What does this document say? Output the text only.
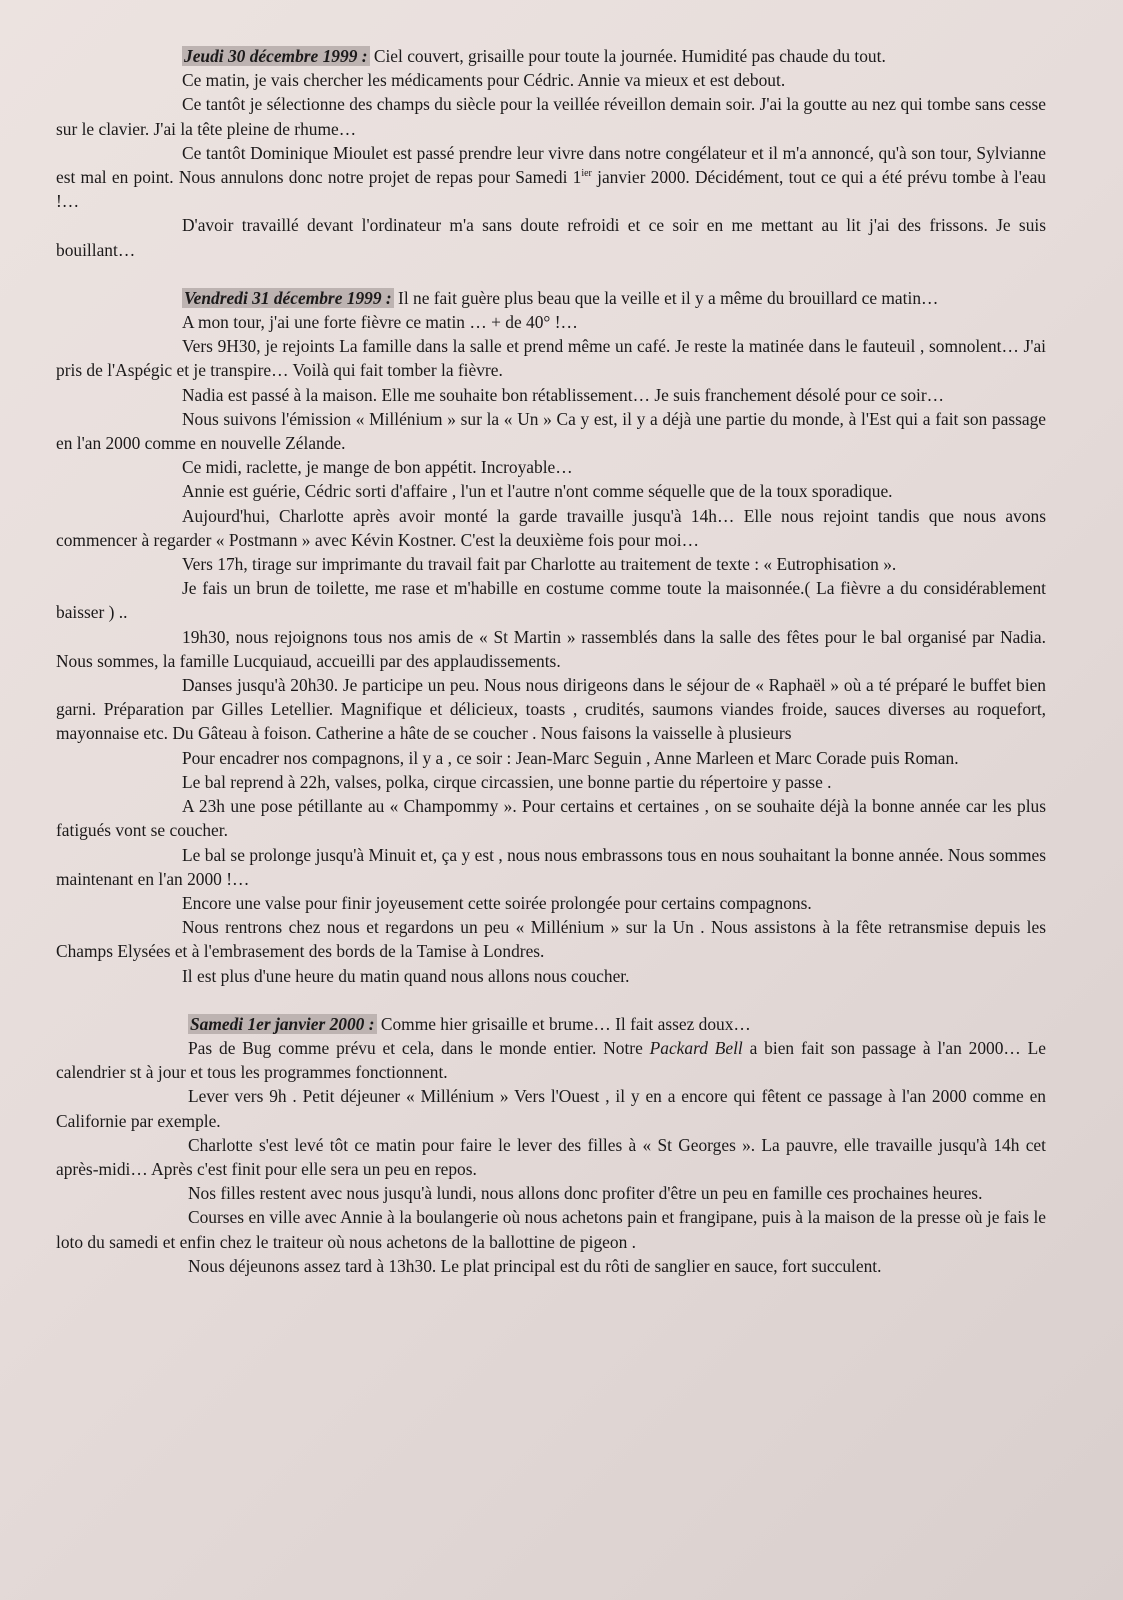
Jeudi 30 décembre 1999 : Ciel couvert, grisaille pour toute la journée. Humidité pas chaude du tout.

Ce matin, je vais chercher les médicaments pour Cédric. Annie va mieux et est debout.

Ce tantôt je sélectionne des champs du siècle pour la veillée réveillon demain soir. J'ai la goutte au nez qui tombe sans cesse sur le clavier. J'ai la tête pleine de rhume…

Ce tantôt Dominique Mioulet est passé prendre leur vivre dans notre congélateur et il m'a annoncé, qu'à son tour, Sylvianne est mal en point. Nous annulons donc notre projet de repas pour Samedi $1^{ier}$ janvier 2000. Décidément, tout ce qui a été prévu tombe à l'eau !…

D'avoir travaillé devant l'ordinateur m'a sans doute refroidi et ce soir en me mettant au lit j'ai des frissons. Je suis bouillant…

Vendredi 31 décembre 1999 : Il ne fait guère plus beau que la veille et il y a même du brouillard ce matin…

A mon tour, j'ai une forte fièvre ce matin … + de 40° !…

Vers 9H30, je rejoints La famille dans la salle et prend même un café. Je reste la matinée dans le fauteuil , somnolent… J'ai pris de l'Aspégic et je transpire… Voilà qui fait tomber la fièvre.

Nadia est passé à la maison. Elle me souhaite bon rétablissement… Je suis franchement désolé pour ce soir…

Nous suivons l'émission « Millénium » sur la « Un » Ca y est, il y a déjà une partie du monde, à l'Est qui a fait son passage en l'an 2000 comme en nouvelle Zélande.

Ce midi, raclette, je mange de bon appétit. Incroyable…

Annie est guérie, Cédric sorti d'affaire , l'un et l'autre n'ont comme séquelle que de la toux sporadique.

Aujourd'hui, Charlotte après avoir monté la garde travaille jusqu'à 14h… Elle nous rejoint tandis que nous avons commencer à regarder « Postmann » avec Kévin Kostner. C'est la deuxième fois pour moi…

Vers 17h, tirage sur imprimante du travail fait par Charlotte au traitement de texte : « Eutrophisation ».

Je fais un brun de toilette, me rase et m'habille en costume comme toute la maisonnée.( La fièvre a du considérablement baisser ) ..

19h30, nous rejoignons tous nos amis de « St Martin » rassemblés dans la salle des fêtes pour le bal organisé par Nadia. Nous sommes, la famille Lucquiaud, accueilli par des applaudissements.

Danses jusqu'à 20h30. Je participe un peu. Nous nous dirigeons dans le séjour de « Raphaël » où a té préparé le buffet bien garni. Préparation par Gilles Letellier. Magnifique et délicieux, toasts , crudités, saumons viandes froide, sauces diverses au roquefort, mayonnaise etc. Du Gâteau à foison. Catherine a hâte de se coucher . Nous faisons la vaisselle à plusieurs

Pour encadrer nos compagnons, il y a , ce soir : Jean-Marc Seguin , Anne Marleen et Marc Corade puis Roman.

Le bal reprend à 22h, valses, polka, cirque circassien, une bonne partie du répertoire y passe .

A 23h une pose pétillante au « Champommy ». Pour certains et certaines , on se souhaite déjà la bonne année car les plus fatigués vont se coucher.

Le bal se prolonge jusqu'à Minuit et, ça y est , nous nous embrassons tous en nous souhaitant la bonne année. Nous sommes maintenant en l'an 2000 !…

Encore une valse pour finir joyeusement cette soirée prolongée pour certains compagnons.

Nous rentrons chez nous et regardons un peu « Millénium » sur la Un . Nous assistons à la fête retransmise depuis les Champs Elysées et à l'embrasement des bords de la Tamise à Londres.

Il est plus d'une heure du matin quand nous allons nous coucher.

Samedi 1er janvier 2000 : Comme hier grisaille et brume… Il fait assez doux…

Pas de Bug comme prévu et cela, dans le monde entier. Notre Packard Bell a bien fait son passage à l'an 2000… Le calendrier st à jour et tous les programmes fonctionnent.

Lever vers 9h . Petit déjeuner « Millénium » Vers l'Ouest , il y en a encore qui fêtent ce passage à l'an 2000 comme en Californie par exemple.

Charlotte s'est levé tôt ce matin pour faire le lever des filles à « St Georges ». La pauvre, elle travaille jusqu'à 14h cet après-midi… Après c'est finit pour elle sera un peu en repos.

Nos filles restent avec nous jusqu'à lundi, nous allons donc profiter d'être un peu en famille ces prochaines heures.

Courses en ville avec Annie à la boulangerie où nous achetons pain et frangipane, puis à la maison de la presse où je fais le loto du samedi et enfin chez le traiteur où nous achetons de la ballottine de pigeon .

Nous déjeunons assez tard à 13h30. Le plat principal est du rôti de sanglier en sauce, fort succulent.
